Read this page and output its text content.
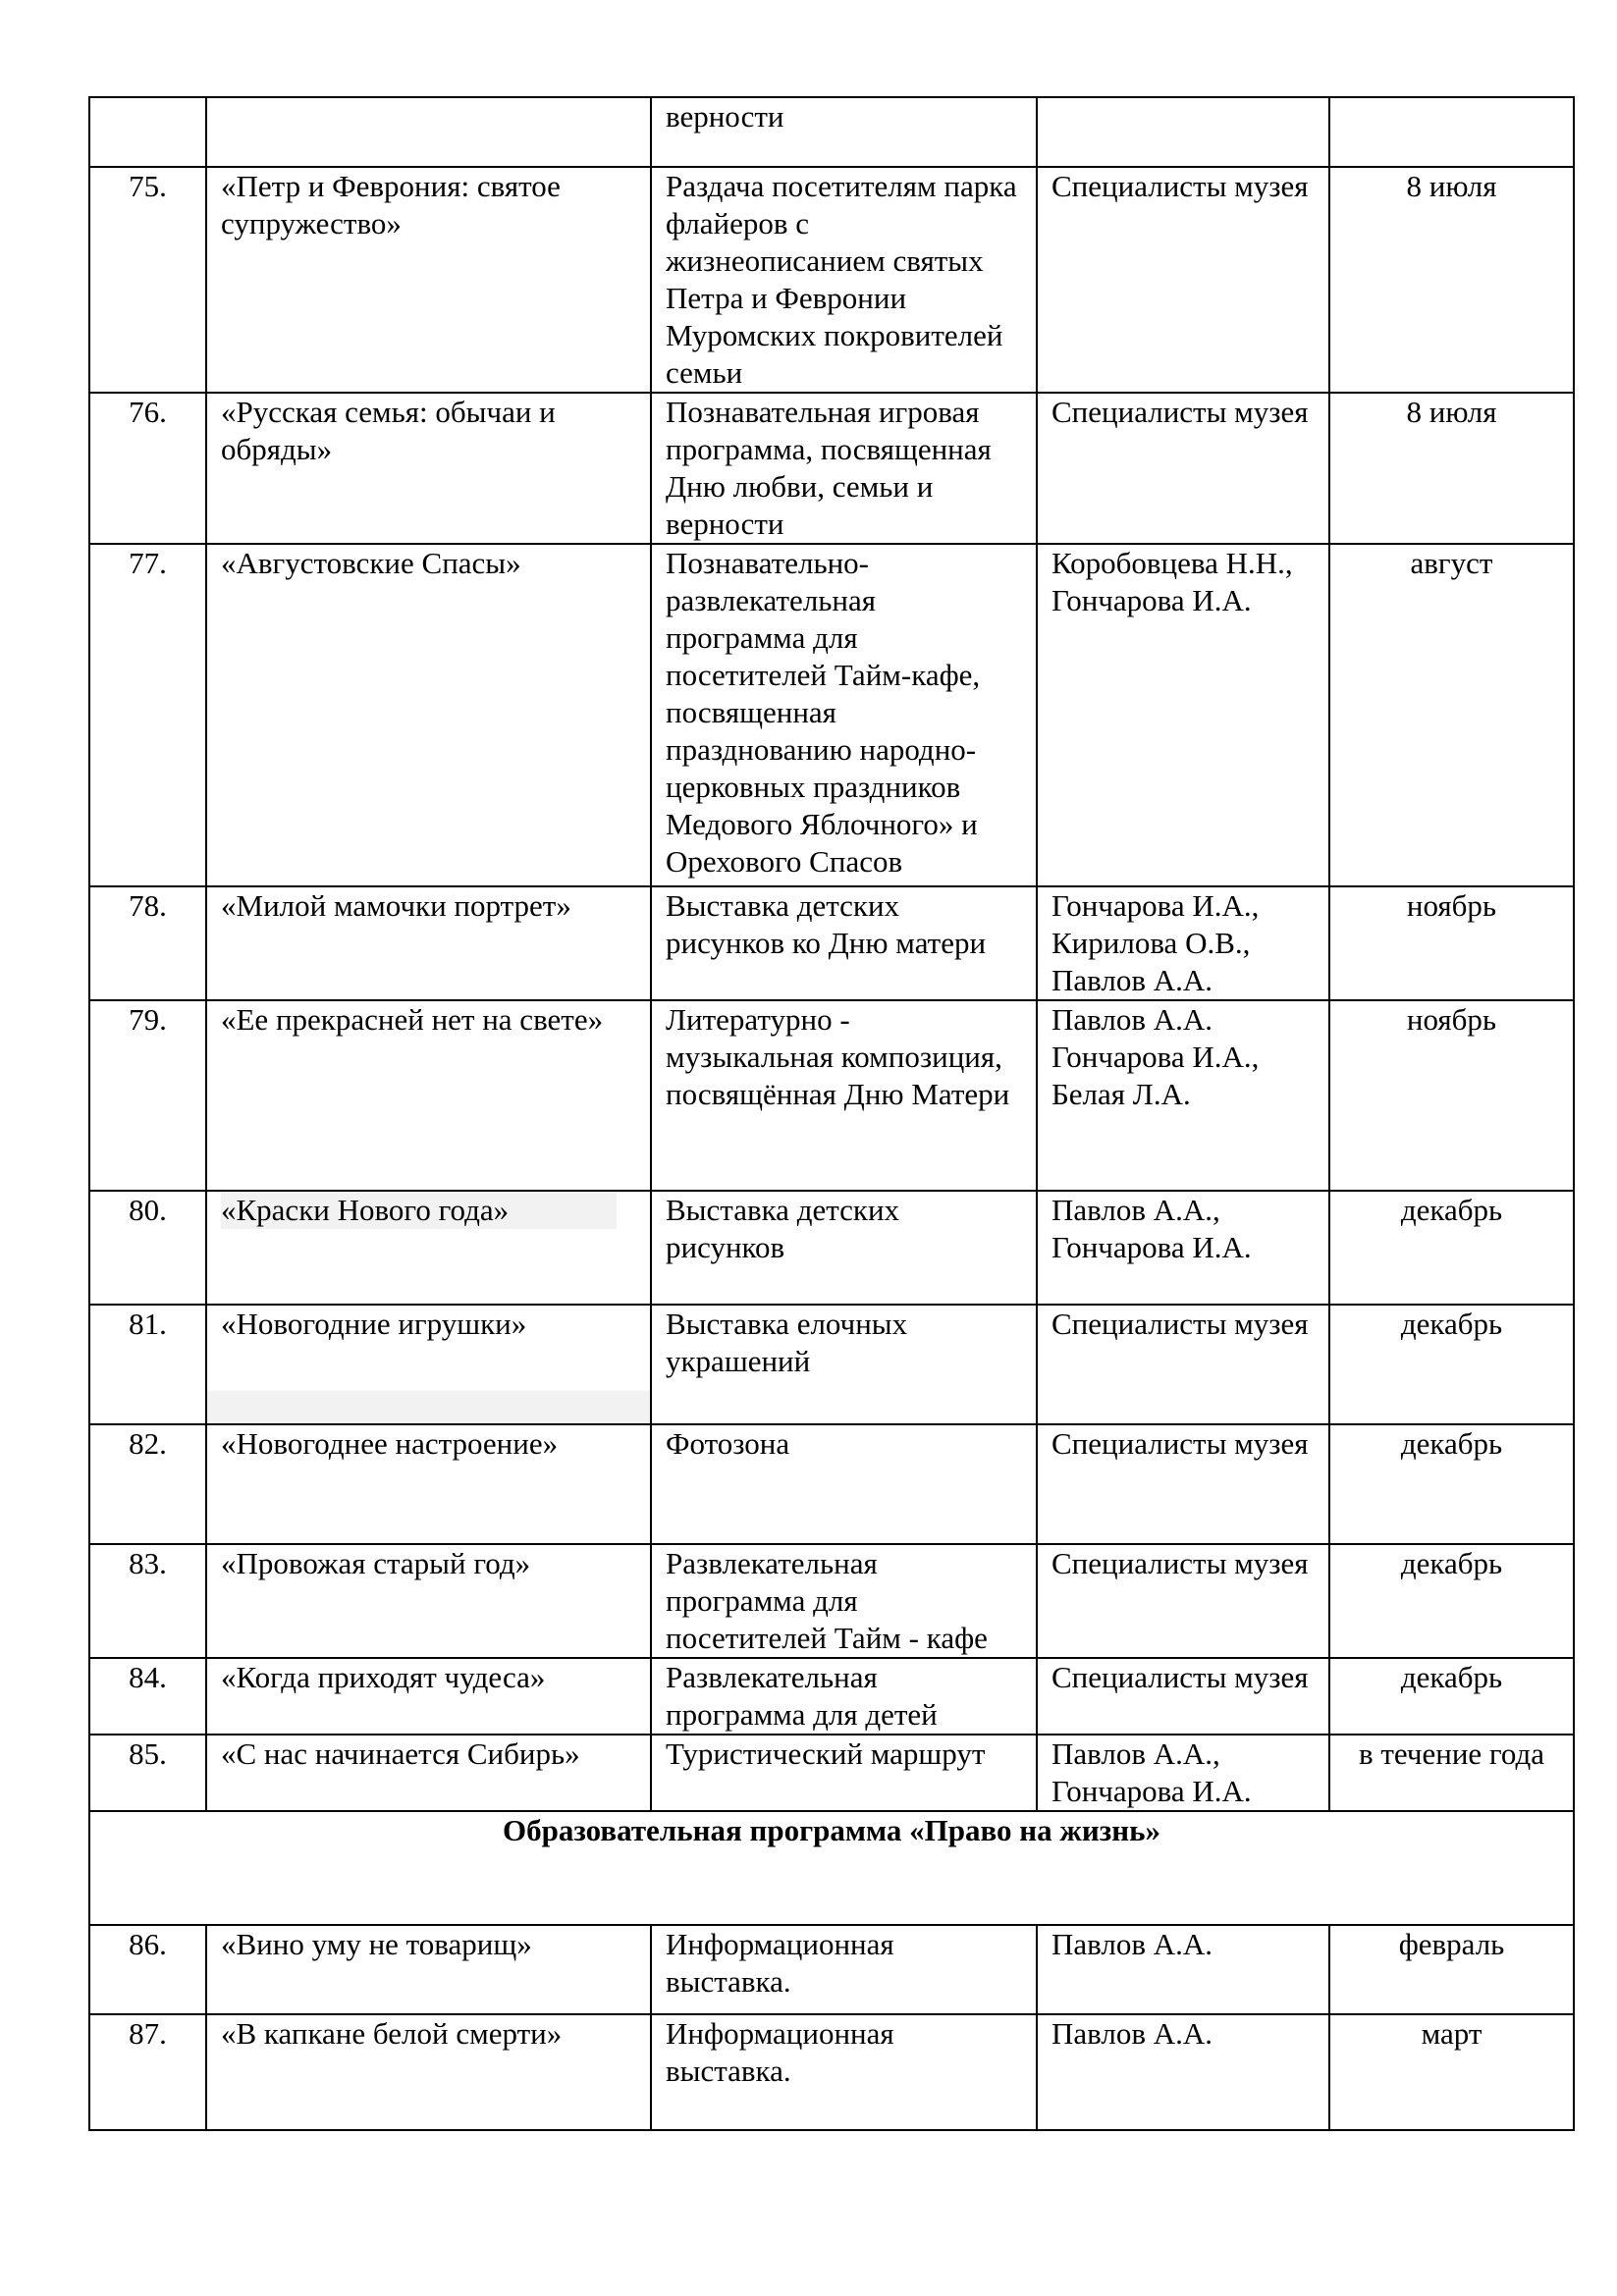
		верности		
75.	«Петр и Феврония: святое супружество»	Раздача посетителям парка флайеров с жизнеописанием святых Петра и Февронии Муромских покровителей семьи	Специалисты музея	8 июля
76.	«Русская семья: обычаи и обряды»	Познавательная игровая программа, посвященная Дню любви, семьи и верности	Специалисты музея	8 июля
77.	«Августовские Спасы»	Познавательно-развлекательная программа для посетителей Тайм-кафе, посвященная празднованию народно-церковных праздников Медового Яблочного» и Орехового Спасов	Коробовцева Н.Н., Гончарова И.А.	август
78.	«Милой мамочки портрет»	Выставка детских рисунков ко Дню матери	Гончарова И.А., Кирилова О.В., Павлов А.А.	ноябрь
79.	«Ее прекрасней нет на свете»	Литературно - музыкальная композиция, посвящённая Дню Матери	Павлов А.А. Гончарова И.А., Белая Л.А.	ноябрь
80.	«Краски Нового года»	Выставка детских рисунков	Павлов А.А., Гончарова И.А.	декабрь
81.	«Новогодние игрушки»	Выставка елочных украшений	Специалисты музея	декабрь
82.	«Новогоднее настроение»	Фотозона	Специалисты музея	декабрь
83.	«Провожая старый год»	Развлекательная программа для посетителей Тайм - кафе	Специалисты музея	декабрь
84.	«Когда приходят чудеса»	Развлекательная программа для детей	Специалисты музея	декабрь
85.	«С нас начинается Сибирь»	Туристический маршрут	Павлов А.А., Гончарова И.А.	в течение года
Образовательная программа «Право на жизнь»				
86.	«Вино уму не товарищ»	Информационная выставка.	Павлов А.А.	февраль
87.	«В капкане белой смерти»	Информационная выставка.	Павлов А.А.	март
